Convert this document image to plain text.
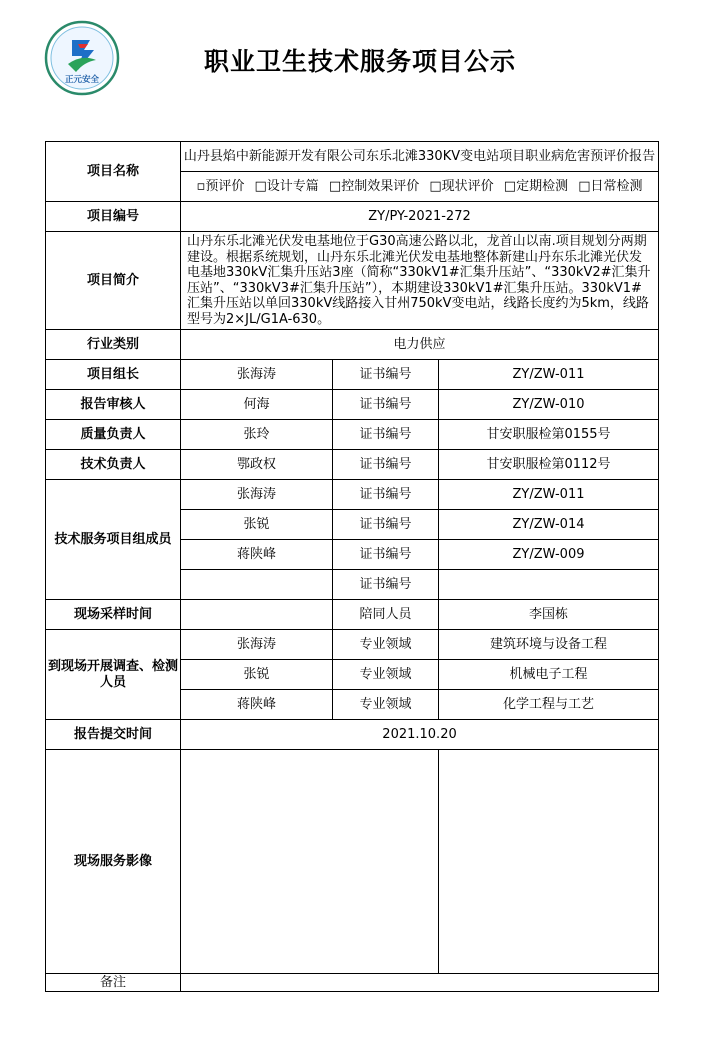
正元安全
职业卫生技术服务项目公示
项目名称	山丹县焰中新能源开发有限公司东乐北滩330KV变电站项目职业病危害预评价报告		
	▫预评价 □设计专篇 □控制效果评价 □现状评价 □定期检测 □日常检测		
项目编号	ZY/PY-2021-272		
项目简介	山丹东乐北滩光伏发电基地位于G30高速公路以北，龙首山以南.项目规划分两期建设。根据系统规划，山丹东乐北滩光伏发电基地整体新建山丹东乐北滩光伏发电基地330kV汇集升压站3座（简称“330kV1#汇集升压站”、“330kV2#汇集升压站”、“330kV3#汇集升压站”），本期建设330kV1#汇集升压站。330kV1#汇集升压站以单回330kV线路接入甘州750kV变电站，线路长度约为5km，线路型号为2×JL/G1A-630。		
行业类别	电力供应		
项目组长	张海涛	证书编号	ZY/ZW-011
报告审核人	何海	证书编号	ZY/ZW-010
质量负责人	张玲	证书编号	甘安职服检第0155号
技术负责人	鄂政权	证书编号	甘安职服检第0112号
技术服务项目组成员	张海涛	证书编号	ZY/ZW-011
	张锐	证书编号	ZY/ZW-014
	蒋陕峰	证书编号	ZY/ZW-009
		证书编号	
现场采样时间		陪同人员	李国栋
到现场开展调查、检测人员	张海涛	专业领域	建筑环境与设备工程
	张锐	专业领域	机械电子工程
	蒋陕峰	专业领域	化学工程与工艺
报告提交时间	2021.10.20		
现场服务影像			
备注			
